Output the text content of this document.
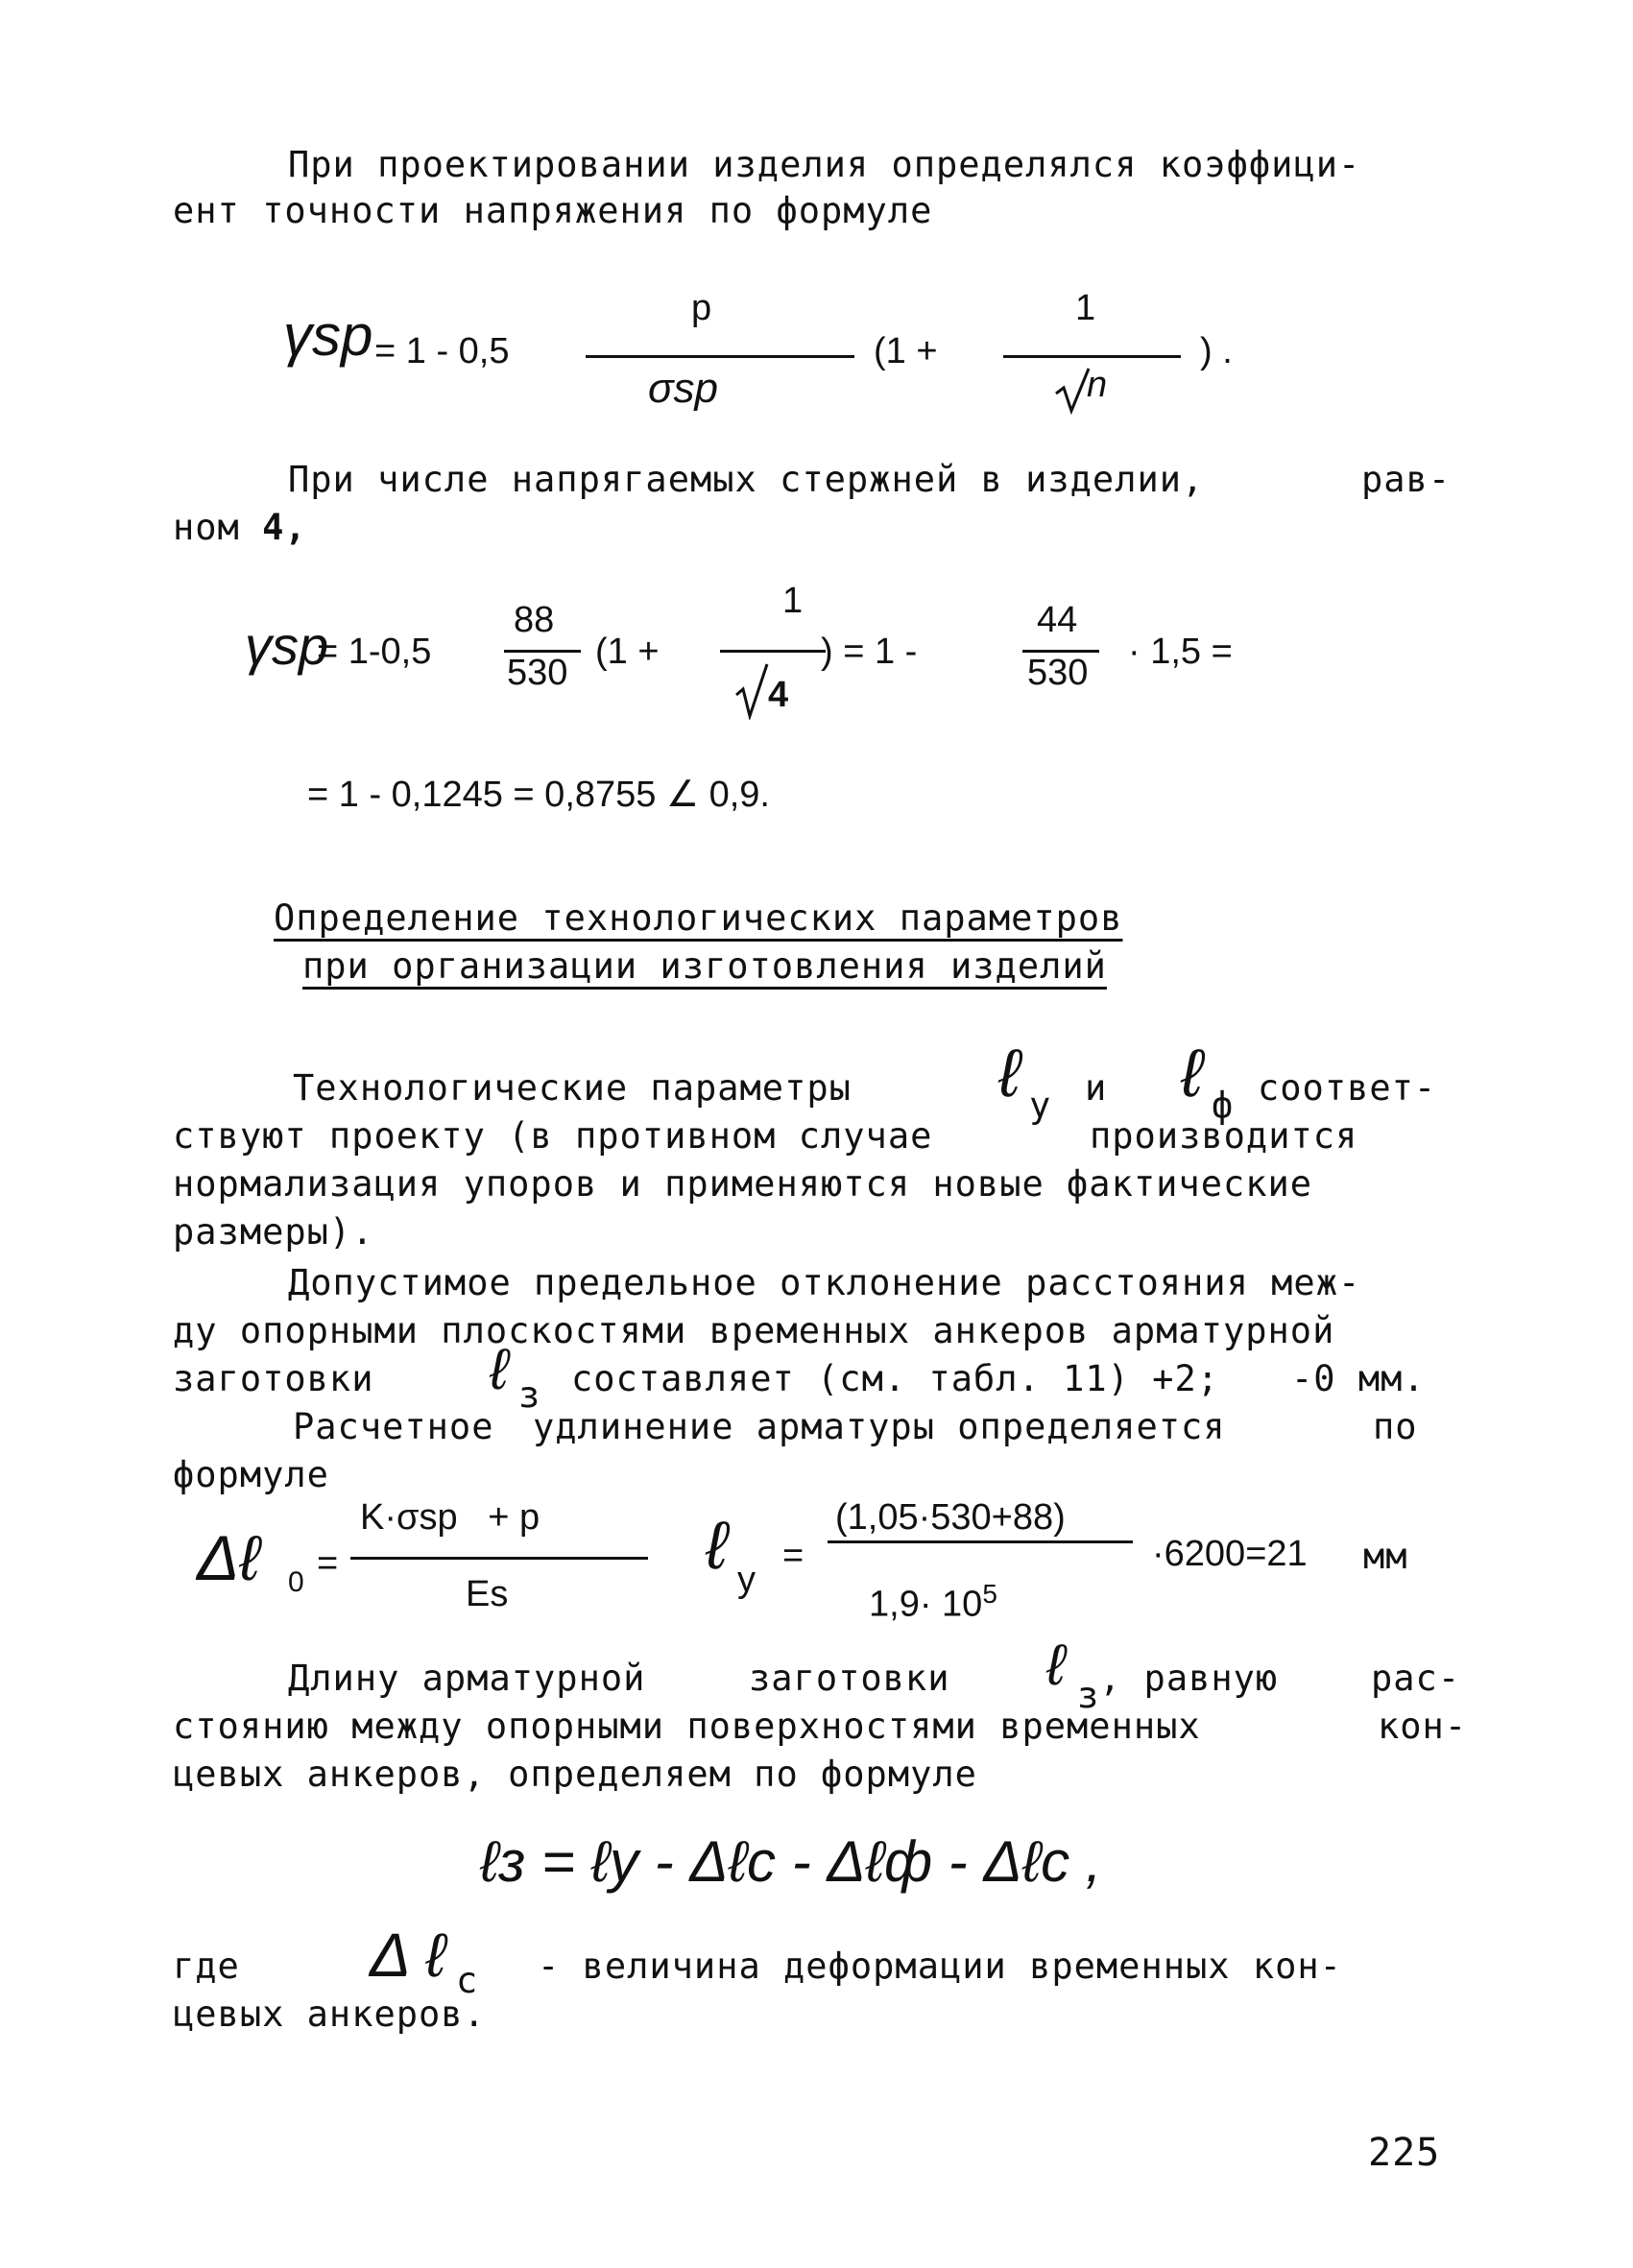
При проектировании изделия определялся коэффици-
ент точности напряжения по формуле
γsp = 1 - 0,5
p
σsp
(1 +
1
n
) .
При числе напрягаемых стержней в изделии,	рав-
ном 4,
γsp
= 1-0,5
88
530
(1 +
1
4
) = 1 -
44
530
· 1,5 =
= 1 - 0,1245 = 0,8755 ∠ 0,9.
Определение технологических параметров
при организации изготовления изделий
Технологические параметры ℓ у и ℓ ф соответ-
ствуют проекту (в противном случае	производится
нормализация упоров и применяются новые фактические
размеры).
Допустимое предельное отклонение расстояния меж-
ду опорными плоскостями временных анкеров арматурной
заготовки ℓ з составляет (см. табл. 11) +2; -0 мм.
Расчетное удлинение арматуры определяется	по
формуле
Δℓ 0 =
K·σsp   + p
Es
ℓ у
=
(1,05·530+88)
$1,9\cdot 10^5$
·6200=21 мм
Длину арматурной	заготовки ℓ з , равную	рас-
стоянию между опорными поверхностями временных	кон-
цевых анкеров, определяем по формуле
ℓз = ℓу - Δℓс - Δℓф - Δℓс ,
где Δ ℓ с - величина деформации временных кон-
цевых анкеров.
225
